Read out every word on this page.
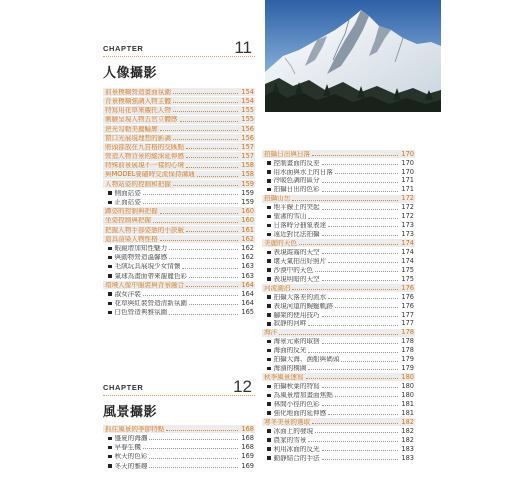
CHAPTER	11
人像攝影
前景模糊營造畫面氛圍	154
背景模糊強調人物主體	154
特寫用花草來襯托人物	155
側臉呈現人物五官立體感	155
逆光勾勒美麗輪廓	156
窗口光展現理想的影調	156
將頭部放在九宮格的交匯點	157
營造人物背景的縱深延伸感	157
特殊前景展現不一樣的心境	158
與MODEL要隨時交流保持溝通	158
人物站姿的控制和把握	159
側面站姿	159
正面站姿	159
蹲姿的控制與把握	160
坐姿控制與把握	160
把握人物手部姿態的小訣竅	161
道具渲染人物性格	162
眼鏡增加知性魅力	162
與動物營造溫馨感	162
毛絨玩具展現少女情懷	163
氣球為畫面帶來靚麗色彩	163
環境人像中服裝與背景融合	164
淑女洋裝	164
花草與紅裝營造清新氛圍	164
白色營造典雅氛圍	165
CHAPTER	12
風景攝影
抓住風景的季節特點	168
盛夏的海灘	168
早春生機	168
秋天的色彩	169
冬天的雅趣	169
拍攝日出與日落	170
控制畫面的反差	170
用水面與水上的日落	170
冷暖色調的區分	171
拍攝日出的色彩	171
拍攝山岳	172
地平線上的突起	172
聖潔的雪山	172
日落時分抽象表達	173
遠近對比法拍攝	173
美麗的天色	174
表現霞霧的天空	174
壞天氣拍出好照片	174
沙漠中的天色	175
表現明暗的天空	175
河流湖泊	176
拍攝大落差的流水	176
表現河道的蜿蜒軌跡	176
腳架的使用技巧	177
寂靜的河畔	177
海洋	178
海景元素的取捨	178
海面的反光	178
拍攝大海、漁船與碼頭	179
海濱的構圖	179
秋季風景速寫	180
拍攝秋葉的特寫	180
為風景增加畫面焦點	180
林間小徑的色彩	181
強化地面的延伸感	181
寒冬美景的選取	182
冰面上的發現	182
農家的雪景	182
利用冰面的反光	183
動靜結合的手法	183
